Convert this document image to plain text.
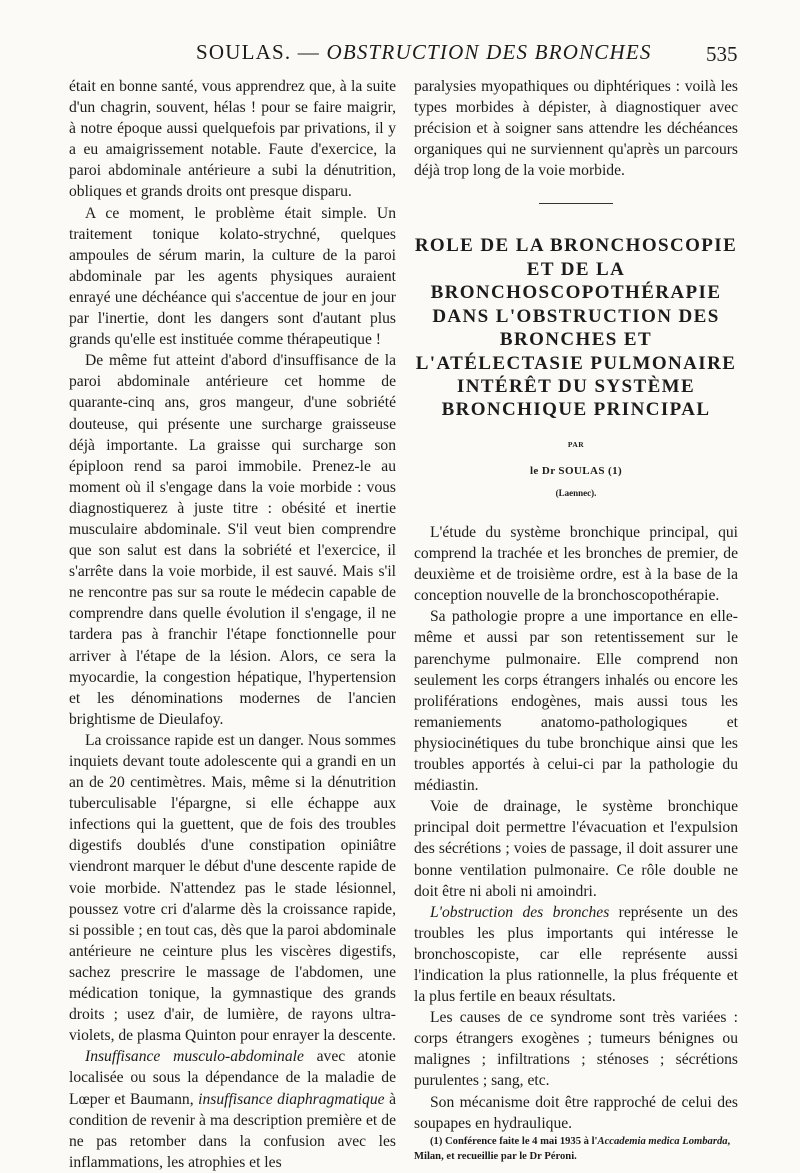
SOULAS. — OBSTRUCTION DES BRONCHES	535

était en bonne santé, vous apprendrez que, à la suite d'un chagrin, souvent, hélas ! pour se faire maigrir, à notre époque aussi quelquefois par privations, il y a eu amaigrissement notable. Faute d'exercice, la paroi abdominale antérieure a subi la dénutrition, obliques et grands droits ont presque disparu.

A ce moment, le problème était simple. Un traitement tonique kolato-strychné, quelques ampoules de sérum marin, la culture de la paroi abdominale par les agents physiques auraient enrayé une déchéance qui s'accentue de jour en jour par l'inertie, dont les dangers sont d'autant plus grands qu'elle est instituée comme thérapeutique !

De même fut atteint d'abord d'insuffisance de la paroi abdominale antérieure cet homme de quarante-cinq ans, gros mangeur, d'une sobriété douteuse, qui présente une surcharge graisseuse déjà importante. La graisse qui surcharge son épiploon rend sa paroi immobile. Prenez-le au moment où il s'engage dans la voie morbide : vous diagnostiquerez à juste titre : obésité et inertie musculaire abdominale. S'il veut bien comprendre que son salut est dans la sobriété et l'exercice, il s'arrête dans la voie morbide, il est sauvé. Mais s'il ne rencontre pas sur sa route le médecin capable de comprendre dans quelle évolution il s'engage, il ne tardera pas à franchir l'étape fonctionnelle pour arriver à l'étape de la lésion. Alors, ce sera la myocardie, la congestion hépatique, l'hypertension et les dénominations modernes de l'ancien brightisme de Dieulafoy.

La croissance rapide est un danger. Nous sommes inquiets devant toute adolescente qui a grandi en un an de 20 centimètres. Mais, même si la dénutrition tuberculisable l'épargne, si elle échappe aux infections qui la guettent, que de fois des troubles digestifs doublés d'une constipation opiniâtre viendront marquer le début d'une descente rapide de voie morbide. N'attendez pas le stade lésionnel, poussez votre cri d'alarme dès la croissance rapide, si possible ; en tout cas, dès que la paroi abdominale antérieure ne ceinture plus les viscères digestifs, sachez prescrire le massage de l'abdomen, une médication tonique, la gymnastique des grands droits ; usez d'air, de lumière, de rayons ultra-violets, de plasma Quinton pour enrayer la descente.

Insuffisance musculo-abdominale avec atonie localisée ou sous la dépendance de la maladie de Lœper et Baumann, insuffisance diaphragmatique à condition de revenir à ma description première et de ne pas retomber dans la confusion avec les inflammations, les atrophies et les

paralysies myopathiques ou diphtériques : voilà les types morbides à dépister, à diagnostiquer avec précision et à soigner sans attendre les déchéances organiques qui ne surviennent qu'après un parcours déjà trop long de la voie morbide.

ROLE DE LA BRONCHOSCOPIE ET DE LA BRONCHOSCOPOTHÉRAPIE DANS L'OBSTRUCTION DES BRONCHES ET L'ATÉLECTASIE PULMONAIRE INTÉRÊT DU SYSTÈME BRONCHIQUE PRINCIPAL
PAR
le Dr SOULAS (1)
(Laennec).

L'étude du système bronchique principal, qui comprend la trachée et les bronches de premier, de deuxième et de troisième ordre, est à la base de la conception nouvelle de la bronchoscopothérapie.

Sa pathologie propre a une importance en elle-même et aussi par son retentissement sur le parenchyme pulmonaire. Elle comprend non seulement les corps étrangers inhalés ou encore les proliférations endogènes, mais aussi tous les remaniements anatomo-pathologiques et physiocinétiques du tube bronchique ainsi que les troubles apportés à celui-ci par la pathologie du médiastin.

Voie de drainage, le système bronchique principal doit permettre l'évacuation et l'expulsion des sécrétions ; voies de passage, il doit assurer une bonne ventilation pulmonaire. Ce rôle double ne doit être ni aboli ni amoindri.

L'obstruction des bronches représente un des troubles les plus importants qui intéresse le bronchoscopiste, car elle représente aussi l'indication la plus rationnelle, la plus fréquente et la plus fertile en beaux résultats.

Les causes de ce syndrome sont très variées : corps étrangers exogènes ; tumeurs bénignes ou malignes ; infiltrations ; sténoses ; sécrétions purulentes ; sang, etc.

Son mécanisme doit être rapproché de celui des soupapes en hydraulique.

(1) Conférence faite le 4 mai 1935 à l'Accademia medica Lombarda, Milan, et recueillie par le Dr Péroni.
